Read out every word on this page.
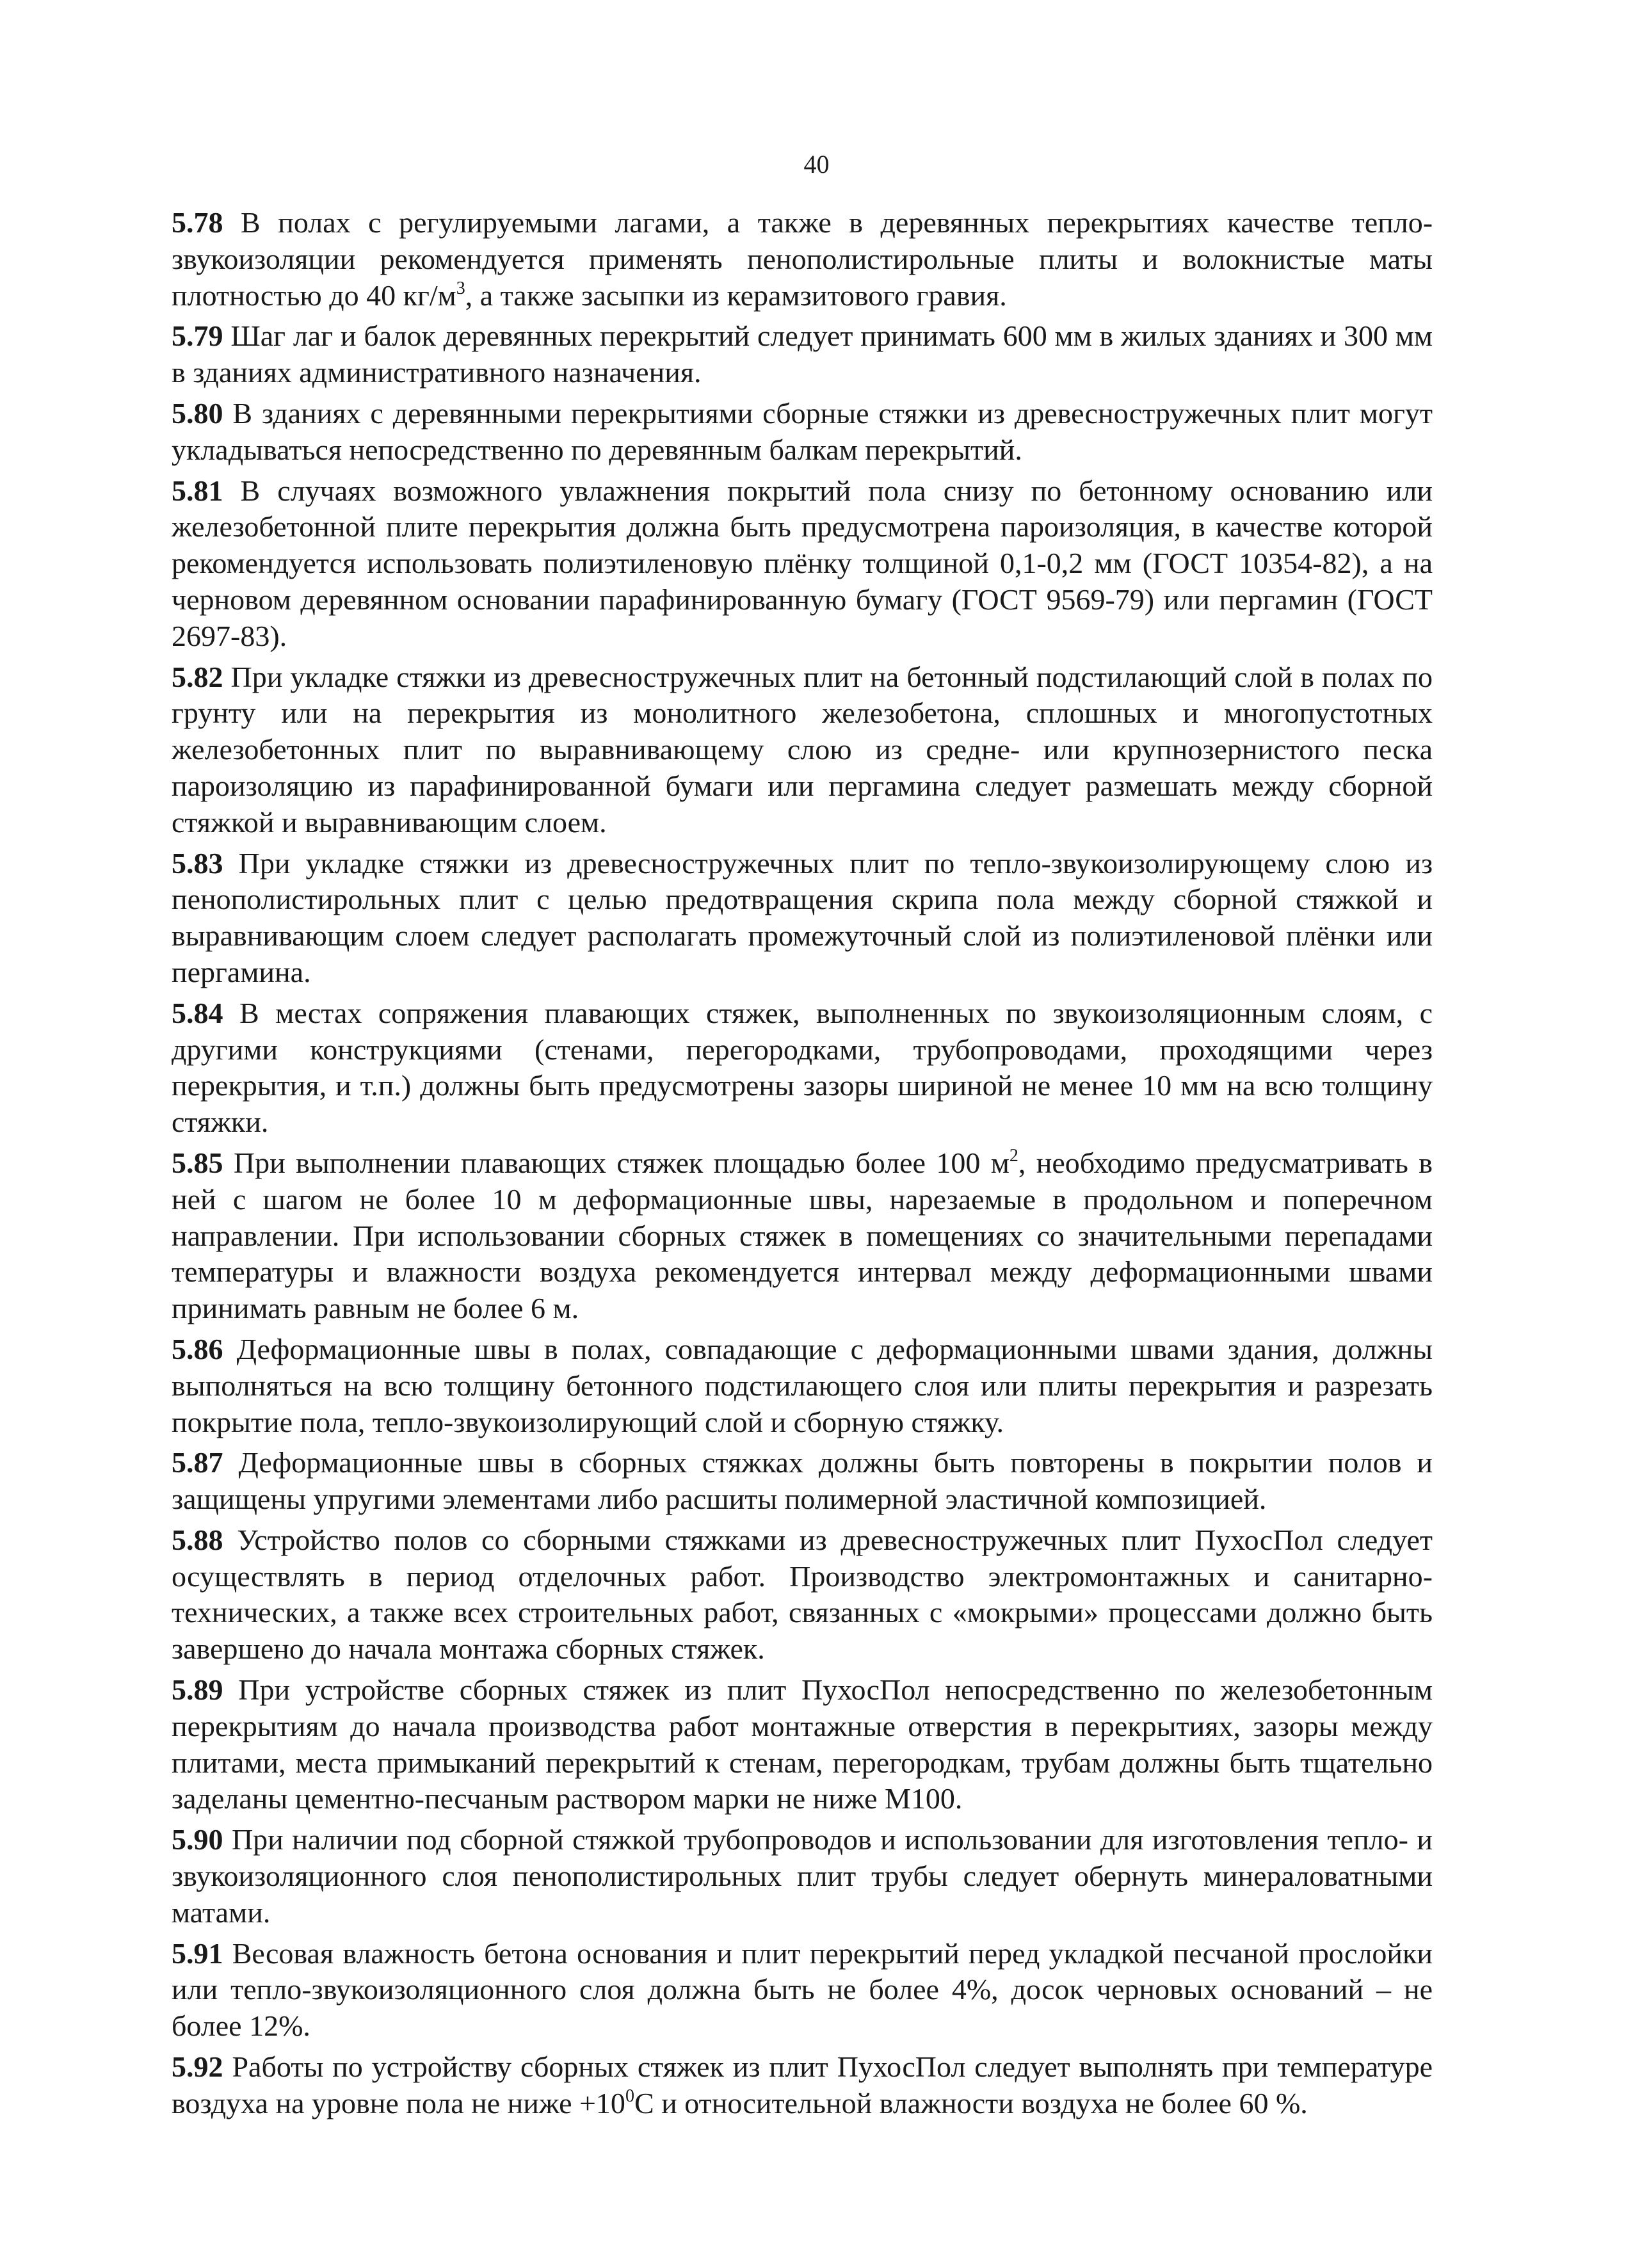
40

5.78 В полах с регулируемыми лагами, а также в деревянных перекрытиях качестве тепло-звукоизоляции рекомендуется применять пенополистирольные плиты и волокнистые маты плотностью до 40 $кг/м^3$, а также засыпки из керамзитового гравия.

5.79 Шаг лаг и балок деревянных перекрытий следует принимать 600 мм в жилых зданиях и 300 мм в зданиях административного назначения.

5.80 В зданиях с деревянными перекрытиями сборные стяжки из древесностружечных плит могут укладываться непосредственно по деревянным балкам перекрытий.

5.81 В случаях возможного увлажнения покрытий пола снизу по бетонному основанию или железобетонной плите перекрытия должна быть предусмотрена пароизоляция, в качестве которой рекомендуется использовать полиэтиленовую плёнку толщиной 0,1-0,2 мм (ГОСТ 10354-82), а на черновом деревянном основании парафинированную бумагу (ГОСТ 9569-79) или пергамин (ГОСТ 2697-83).

5.82 При укладке стяжки из древесностружечных плит на бетонный подстилающий слой в полах по грунту или на перекрытия из монолитного железобетона, сплошных и многопустотных железобетонных плит по выравнивающему слою из средне- или крупнозернистого песка пароизоляцию из парафинированной бумаги или пергамина следует размешать между сборной стяжкой и выравнивающим слоем.

5.83 При укладке стяжки из древесностружечных плит по тепло-звукоизолирующему слою из пенополистирольных плит с целью предотвращения скрипа пола между сборной стяжкой и выравнивающим слоем следует располагать промежуточный слой из полиэтиленовой плёнки или пергамина.

5.84 В местах сопряжения плавающих стяжек, выполненных по звукоизоляционным слоям, с другими конструкциями (стенами, перегородками, трубопроводами, проходящими через перекрытия, и т.п.) должны быть предусмотрены зазоры шириной не менее 10 мм на всю толщину стяжки.

5.85 При выполнении плавающих стяжек площадью более 100 $м^2$, необходимо предусматривать в ней с шагом не более 10 м деформационные швы, нарезаемые в продольном и поперечном направлении. При использовании сборных стяжек в помещениях со значительными перепадами температуры и влажности воздуха рекомендуется интервал между деформационными швами принимать равным не более 6 м.

5.86 Деформационные швы в полах, совпадающие с деформационными швами здания, должны выполняться на всю толщину бетонного подстилающего слоя или плиты перекрытия и разрезать покрытие пола, тепло-звукоизолирующий слой и сборную стяжку.

5.87 Деформационные швы в сборных стяжках должны быть повторены в покрытии полов и защищены упругими элементами либо расшиты полимерной эластичной композицией.

5.88 Устройство полов со сборными стяжками из древесностружечных плит ПухосПол следует осуществлять в период отделочных работ. Производство электромонтажных и санитарно-технических, а также всех строительных работ, связанных с «мокрыми» процессами должно быть завершено до начала монтажа сборных стяжек.

5.89 При устройстве сборных стяжек из плит ПухосПол непосредственно по железобетонным перекрытиям до начала производства работ монтажные отверстия в перекрытиях, зазоры между плитами, места примыканий перекрытий к стенам, перегородкам, трубам должны быть тщательно заделаны цементно-песчаным раствором марки не ниже М100.

5.90 При наличии под сборной стяжкой трубопроводов и использовании для изготовления тепло- и звукоизоляционного слоя пенополистирольных плит трубы следует обернуть минераловатными матами.

5.91 Весовая влажность бетона основания и плит перекрытий перед укладкой песчаной прослойки или тепло-звукоизоляционного слоя должна быть не более 4%, досок черновых оснований – не более 12%.

5.92 Работы по устройству сборных стяжек из плит ПухосПол следует выполнять при температуре воздуха на уровне пола не ниже $+10^0С$ и относительной влажности воздуха не более 60 %.
